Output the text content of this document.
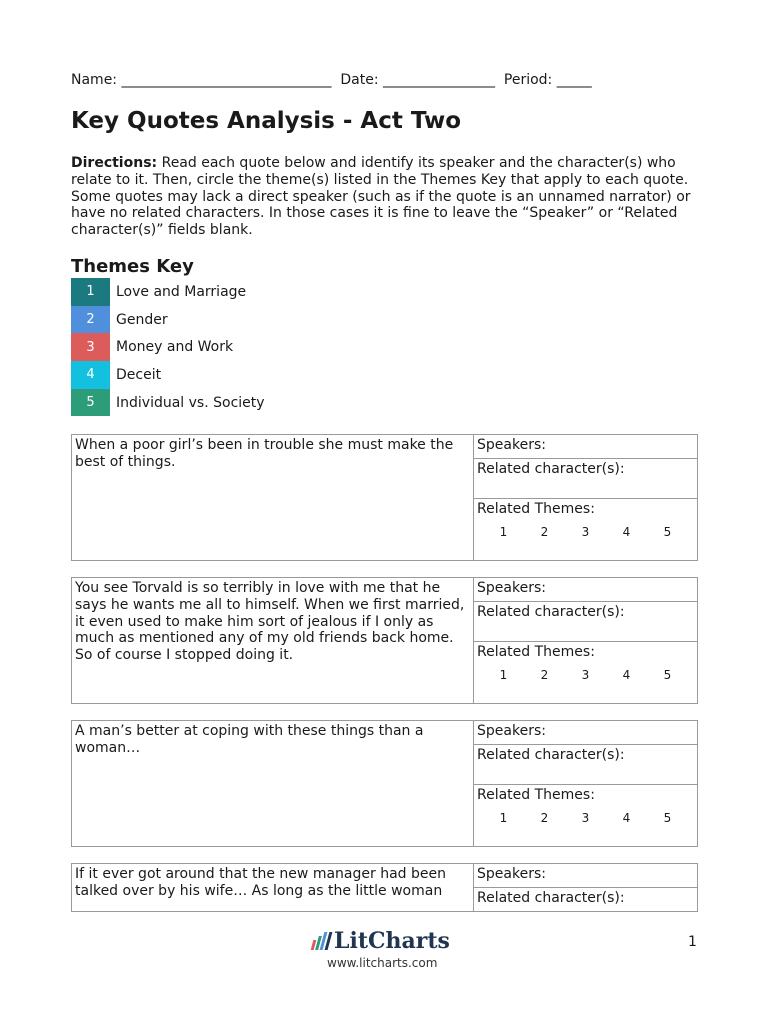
Name: ______________________________  Date: ________________  Period: _____
Key Quotes Analysis - Act Two
Directions: Read each quote below and identify its speaker and the character(s) who relate to it. Then, circle the theme(s) listed in the Themes Key that apply to each quote. Some quotes may lack a direct speaker (such as if the quote is an unnamed narrator) or have no related characters. In those cases it is fine to leave the “Speaker” or “Related character(s)” fields blank.
Themes Key
1	Love and Marriage
2	Gender
3	Money and Work
4	Deceit
5	Individual vs. Society
When a poor girl’s been in trouble she must make the best of things.
Speakers:
Related character(s):
Related Themes:
1	2	3	4	5
You see Torvald is so terribly in love with me that he says he wants me all to himself. When we first married, it even used to make him sort of jealous if I only as much as mentioned any of my old friends back home. So of course I stopped doing it.
Speakers:
Related character(s):
Related Themes:
1	2	3	4	5
A man’s better at coping with these things than a woman…
Speakers:
Related character(s):
Related Themes:
1	2	3	4	5
If it ever got around that the new manager had been talked over by his wife… As long as the little woman
Speakers:
Related character(s):
LitCharts
www.litcharts.com
1
